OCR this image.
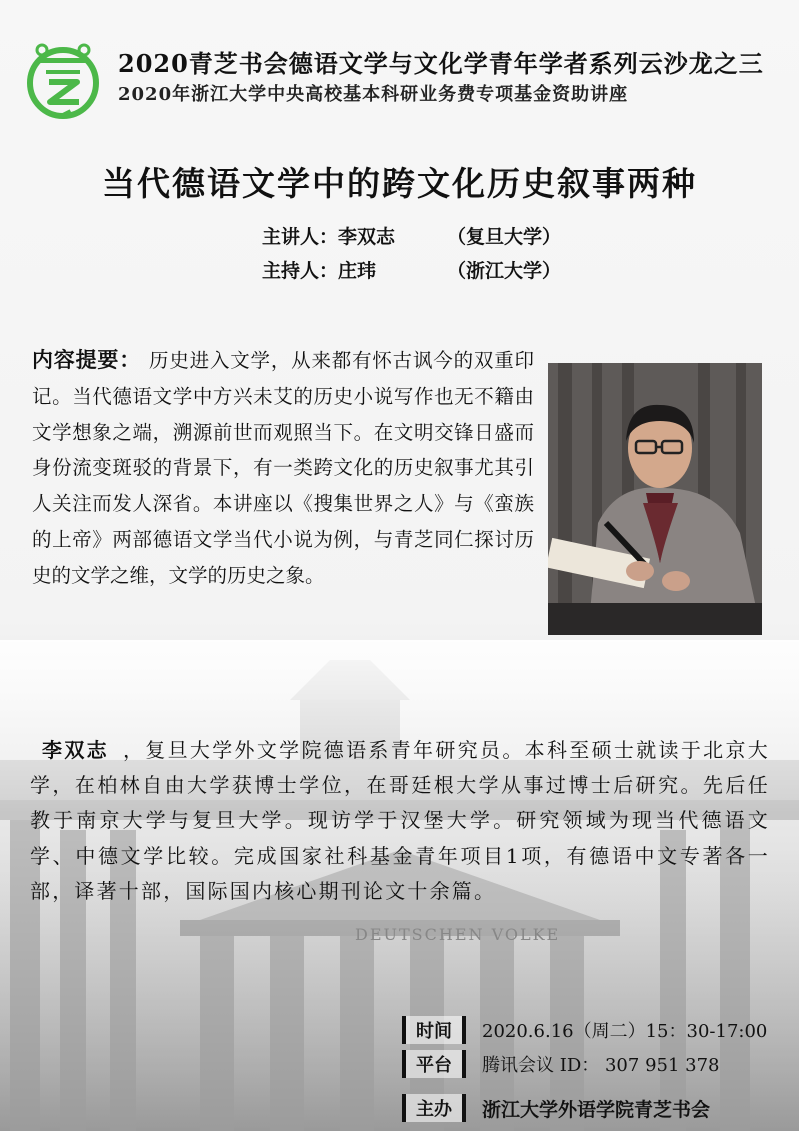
2020青芝书会德语文学与文化学青年学者系列云沙龙之三
2020年浙江大学中央高校基本科研业务费专项基金资助讲座
当代德语文学中的跨文化历史叙事两种
主讲人：李双志	（复旦大学）
主持人：庄玮	（浙江大学）
内容提要： 历史进入文学，从来都有怀古讽今的双重印记。当代德语文学中方兴未艾的历史小说写作也无不籍由文学想象之端，溯源前世而观照当下。在文明交锋日盛而身份流变斑驳的背景下，有一类跨文化的历史叙事尤其引人关注而发人深省。本讲座以《搜集世界之人》与《蛮族的上帝》两部德语文学当代小说为例，与青芝同仁探讨历史的文学之维，文学的历史之象。
李双志 ，复旦大学外文学院德语系青年研究员。本科至硕士就读于北京大学，在柏林自由大学获博士学位，在哥廷根大学从事过博士后研究。先后任教于南京大学与复旦大学。现访学于汉堡大学。研究领域为现当代德语文学、中德文学比较。完成国家社科基金青年项目1项，有德语中文专著各一部，译著十部，国际国内核心期刊论文十余篇。
时间	2020.6.16（周二）15：30-17:00
平台	腾讯会议 ID： 307 951 378
主办	浙江大学外语学院青芝书会
